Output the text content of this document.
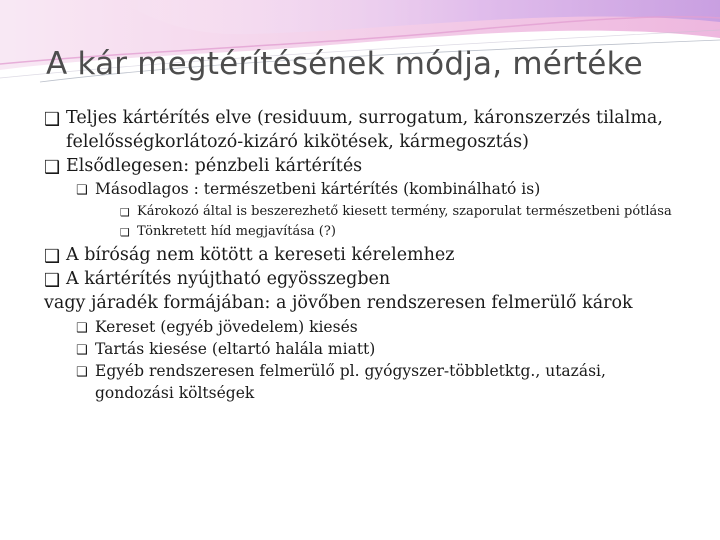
A kár megtérítésének módja, mértéke
❑ Teljes kártérítés elve (residuum, surrogatum, káronszerzés tilalma, felelősségkorlátozó-kizáró kikötések, kármegosztás)
❑ Elsődlegesen: pénzbeli kártérítés
❑ Másodlagos : természetbeni kártérítés (kombinálható is)
❑ Károkozó által is beszerezhető kiesett termény, szaporulat természetbeni pótlása
❑ Tönkretett híd megjavítása (?)
❑ A bíróság nem kötött a kereseti kérelemhez
❑ A kártérítés nyújtható egyösszegben
vagy járadék formájában: a jövőben rendszeresen felmerülő károk
❑ Kereset (egyéb jövedelem) kiesés
❑ Tartás kiesése (eltartó halála miatt)
❑ Egyéb rendszeresen felmerülő pl. gyógyszer-többletktg., utazási, gondozási költségek
